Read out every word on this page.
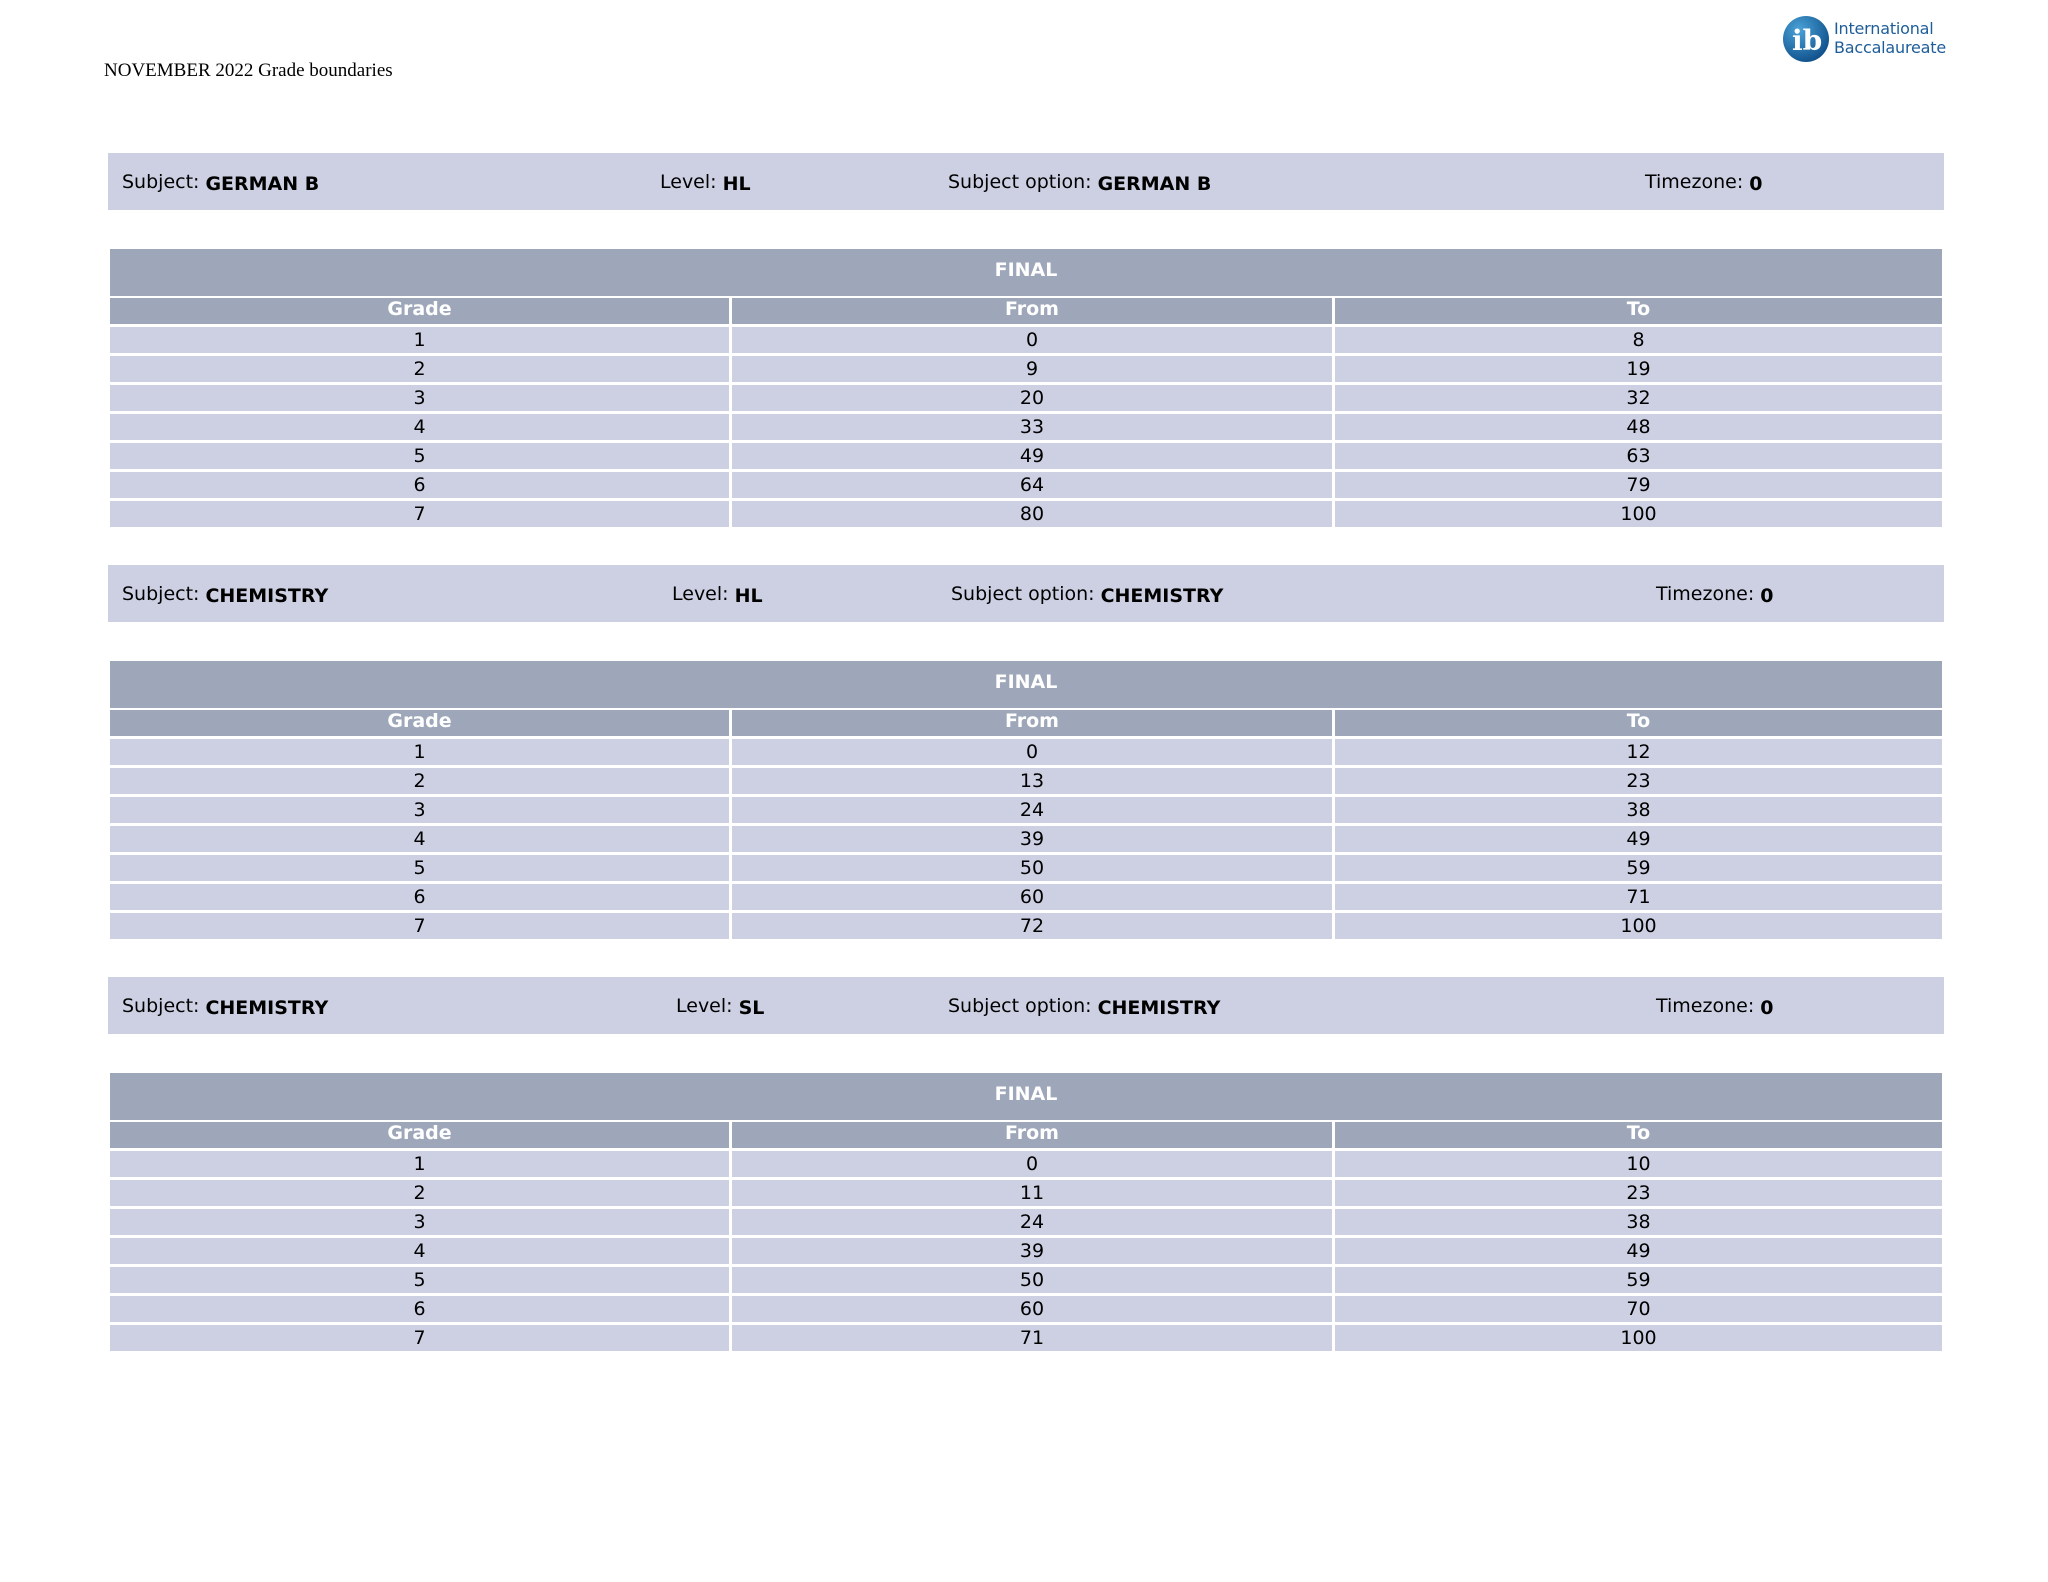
NOVEMBER 2022 Grade boundaries
ib International
Baccalaureate
Subject: GERMAN B	Level: HL	Subject option: GERMAN B	Timezone: 0
FINAL
Grade	From	To
1	0	8
2	9	19
3	20	32
4	33	48
5	49	63
6	64	79
7	80	100
Subject: CHEMISTRY	Level: HL	Subject option: CHEMISTRY	Timezone: 0
FINAL
Grade	From	To
1	0	12
2	13	23
3	24	38
4	39	49
5	50	59
6	60	71
7	72	100
Subject: CHEMISTRY	Level: SL	Subject option: CHEMISTRY	Timezone: 0
FINAL
Grade	From	To
1	0	10
2	11	23
3	24	38
4	39	49
5	50	59
6	60	70
7	71	100
